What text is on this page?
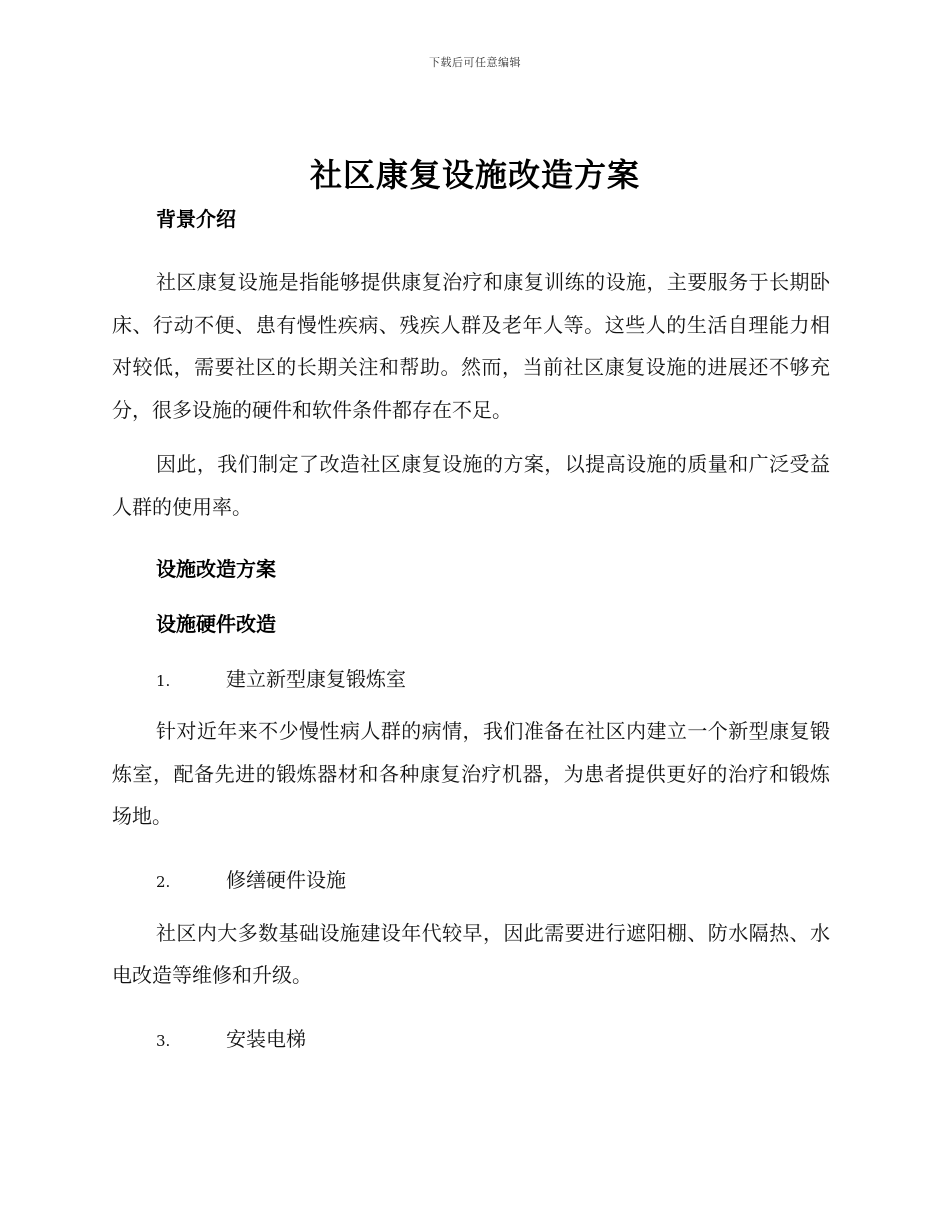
下载后可任意编辑
社区康复设施改造方案

背景介绍

社区康复设施是指能够提供康复治疗和康复训练的设施，主要服务于长期卧床、行动不便、患有慢性疾病、残疾人群及老年人等。这些人的生活自理能力相对较低，需要社区的长期关注和帮助。然而，当前社区康复设施的进展还不够充分，很多设施的硬件和软件条件都存在不足。

因此，我们制定了改造社区康复设施的方案，以提高设施的质量和广泛受益人群的使用率。

设施改造方案

设施硬件改造

1.	建立新型康复锻炼室

针对近年来不少慢性病人群的病情，我们准备在社区内建立一个新型康复锻炼室，配备先进的锻炼器材和各种康复治疗机器，为患者提供更好的治疗和锻炼场地。

2.	修缮硬件设施

社区内大多数基础设施建设年代较早，因此需要进行遮阳棚、防水隔热、水电改造等维修和升级。

3.	安装电梯
